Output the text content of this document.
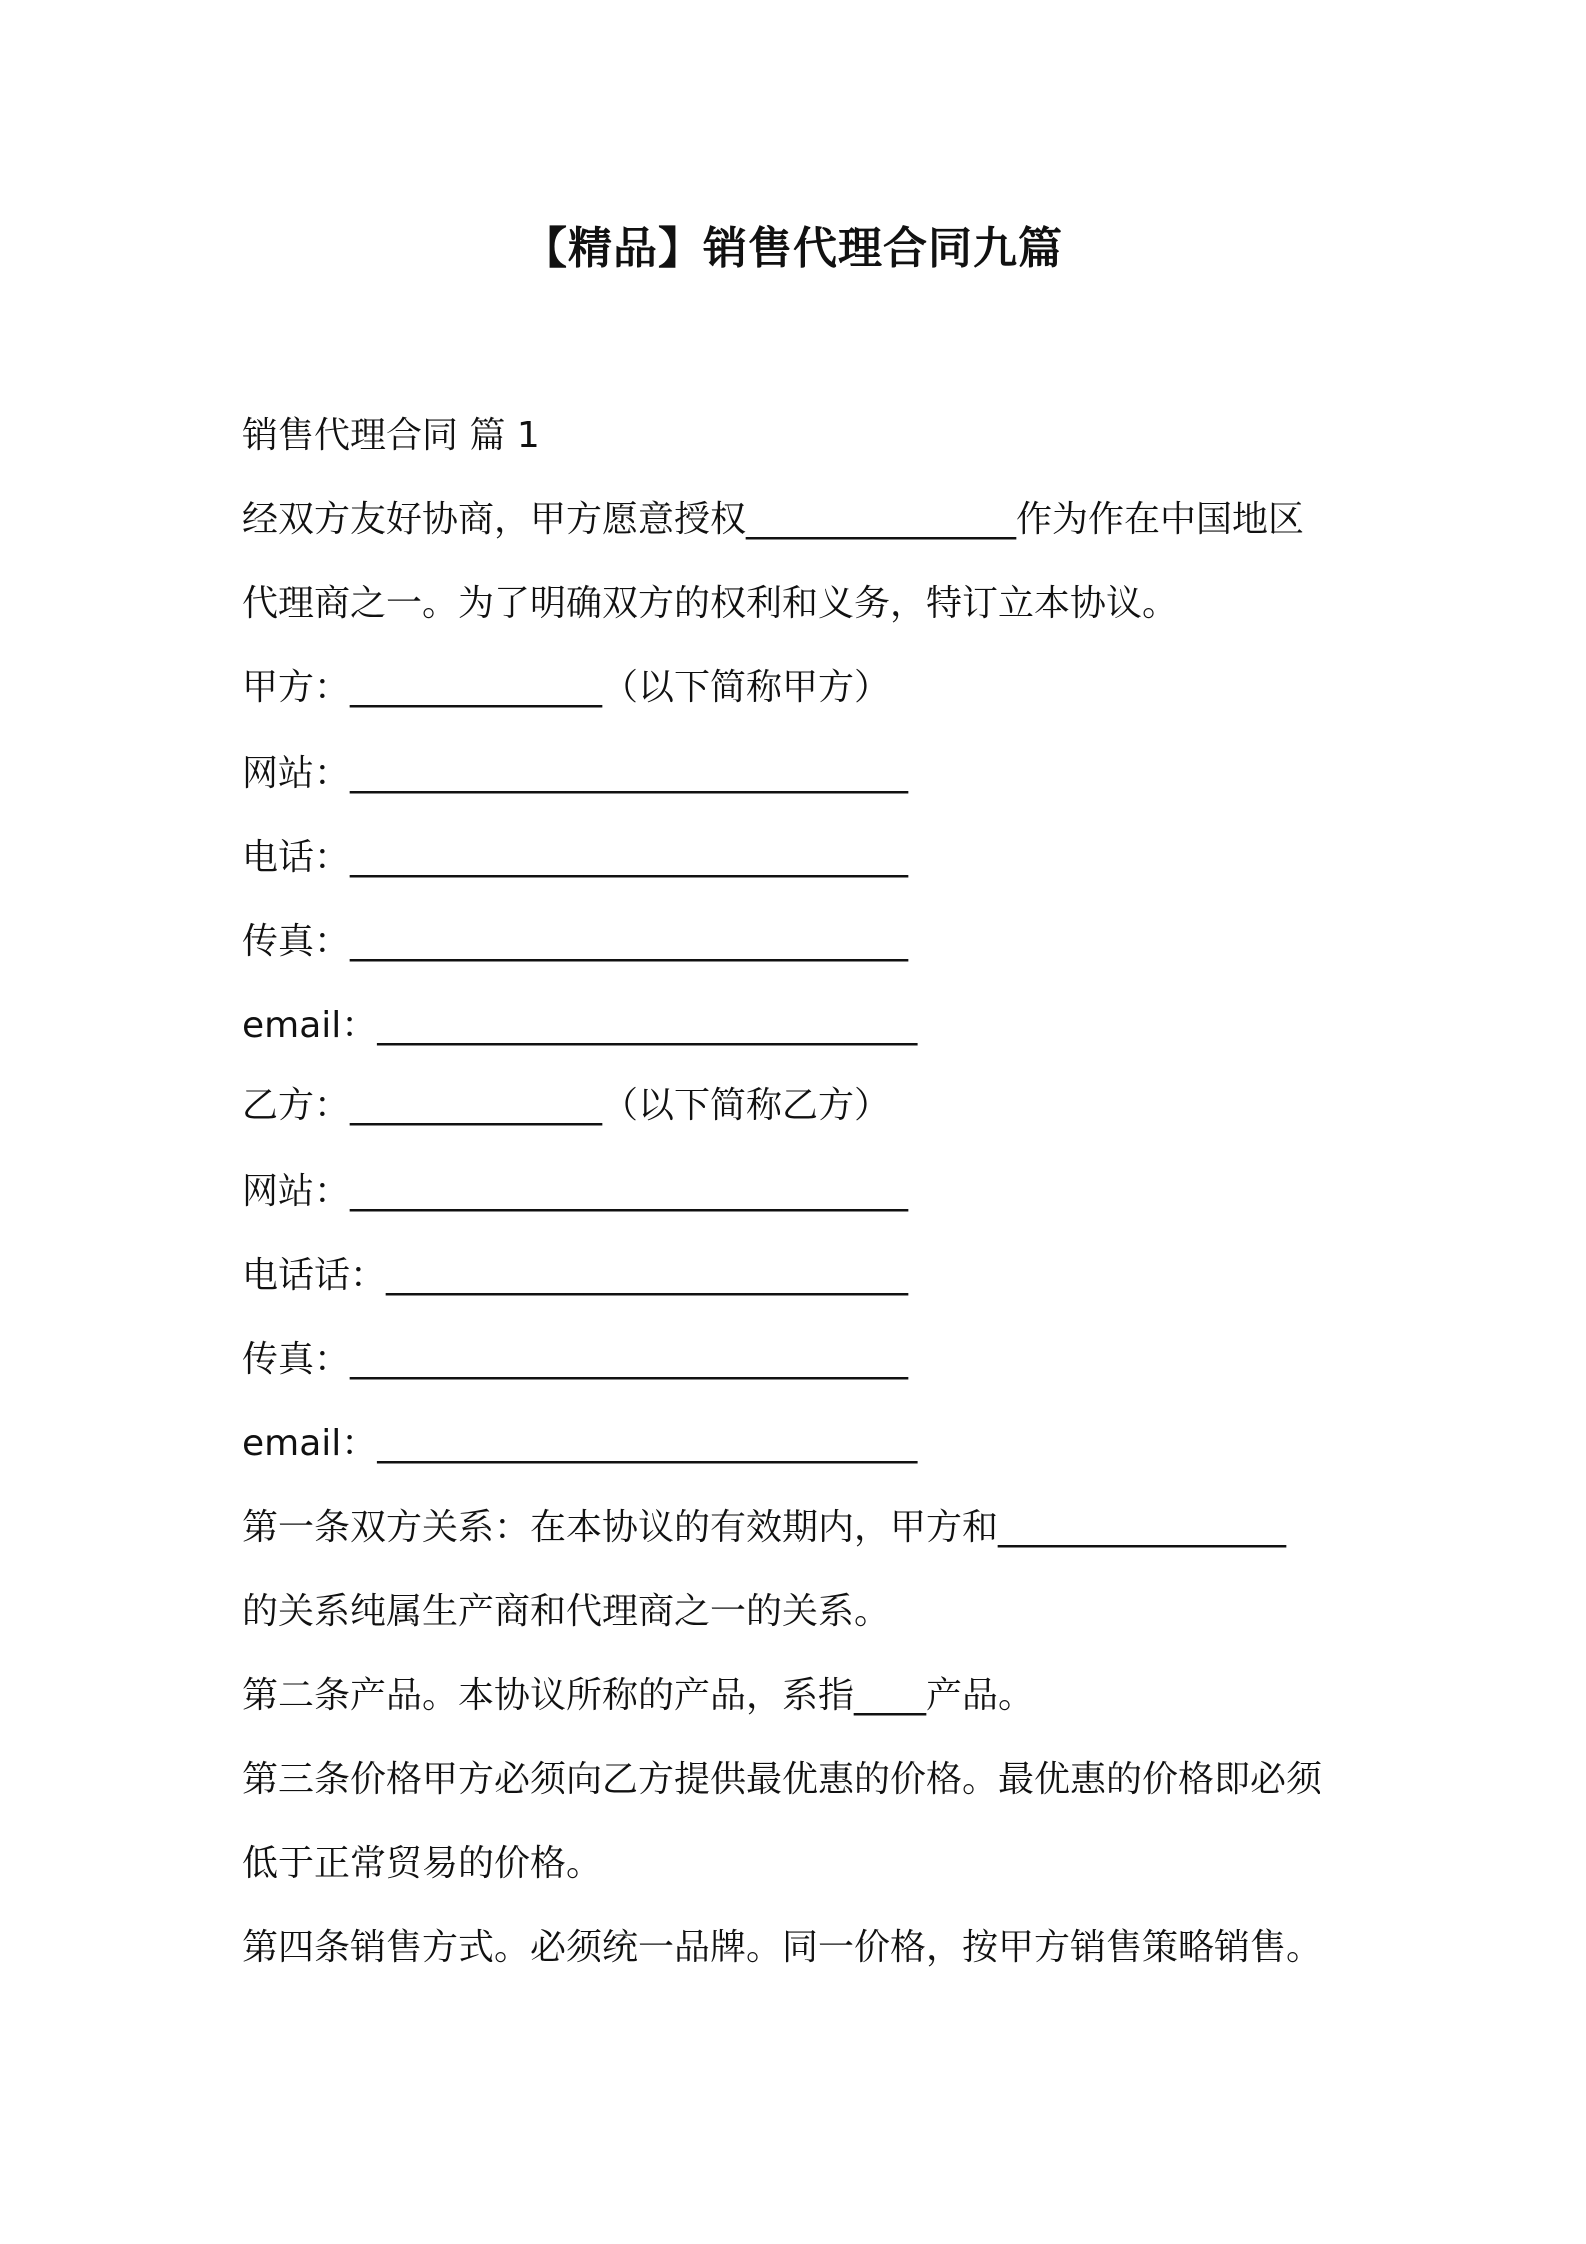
【精品】销售代理合同九篇
销售代理合同 篇 1
经双方友好协商，甲方愿意授权_______________作为作在中国地区
代理商之一。为了明确双方的权利和义务，特订立本协议。
甲方：______________（以下简称甲方）
网站：_______________________________
电话：_______________________________
传真：_______________________________
email：______________________________
乙方：______________（以下简称乙方）
网站：_______________________________
电话话：_____________________________
传真：_______________________________
email：______________________________
第一条双方关系：在本协议的有效期内，甲方和________________
的关系纯属生产商和代理商之一的关系。
第二条产品。本协议所称的产品，系指____产品。
第三条价格甲方必须向乙方提供最优惠的价格。最优惠的价格即必须
低于正常贸易的价格。
第四条销售方式。必须统一品牌。同一价格，按甲方销售策略销售。
